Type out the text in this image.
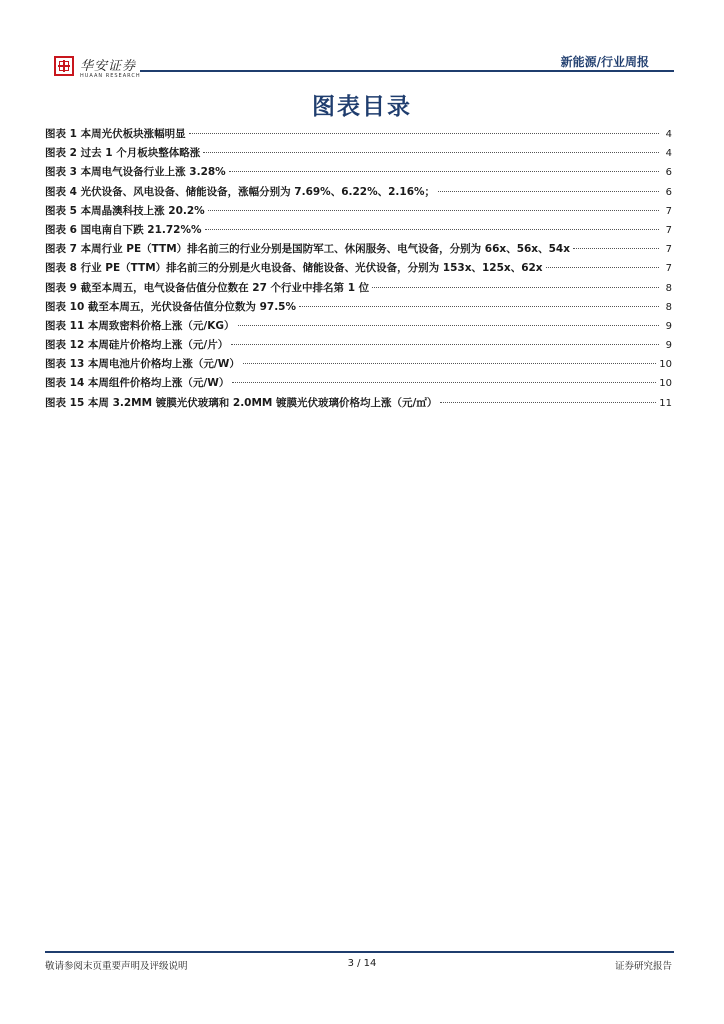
华安证券
HUAAN RESEARCH
新能源/行业周报
图表目录
图表 1 本周光伏板块涨幅明显	4
图表 2 过去 1 个月板块整体略涨	4
图表 3 本周电气设备行业上涨 3.28%	6
图表 4 光伏设备、风电设备、储能设备，涨幅分别为 7.69%、6.22%、2.16%；	6
图表 5 本周晶澳科技上涨 20.2%	7
图表 6 国电南自下跌 21.72%%	7
图表 7 本周行业 PE（TTM）排名前三的行业分别是国防军工、休闲服务、电气设备，分别为 66x、56x、54x	7
图表 8 行业 PE（TTM）排名前三的分别是火电设备、储能设备、光伏设备，分别为 153x、125x、62x	7
图表 9 截至本周五，电气设备估值分位数在 27 个行业中排名第 1 位	8
图表 10 截至本周五，光伏设备估值分位数为 97.5%	8
图表 11 本周致密料价格上涨（元/KG）	9
图表 12 本周硅片价格均上涨（元/片）	9
图表 13 本周电池片价格均上涨（元/W）	10
图表 14 本周组件价格均上涨（元/W）	10
图表 15 本周 3.2MM 镀膜光伏玻璃和 2.0MM 镀膜光伏玻璃价格均上涨（元/㎡）	11
敬请参阅末页重要声明及评级说明	3 / 14	证券研究报告
